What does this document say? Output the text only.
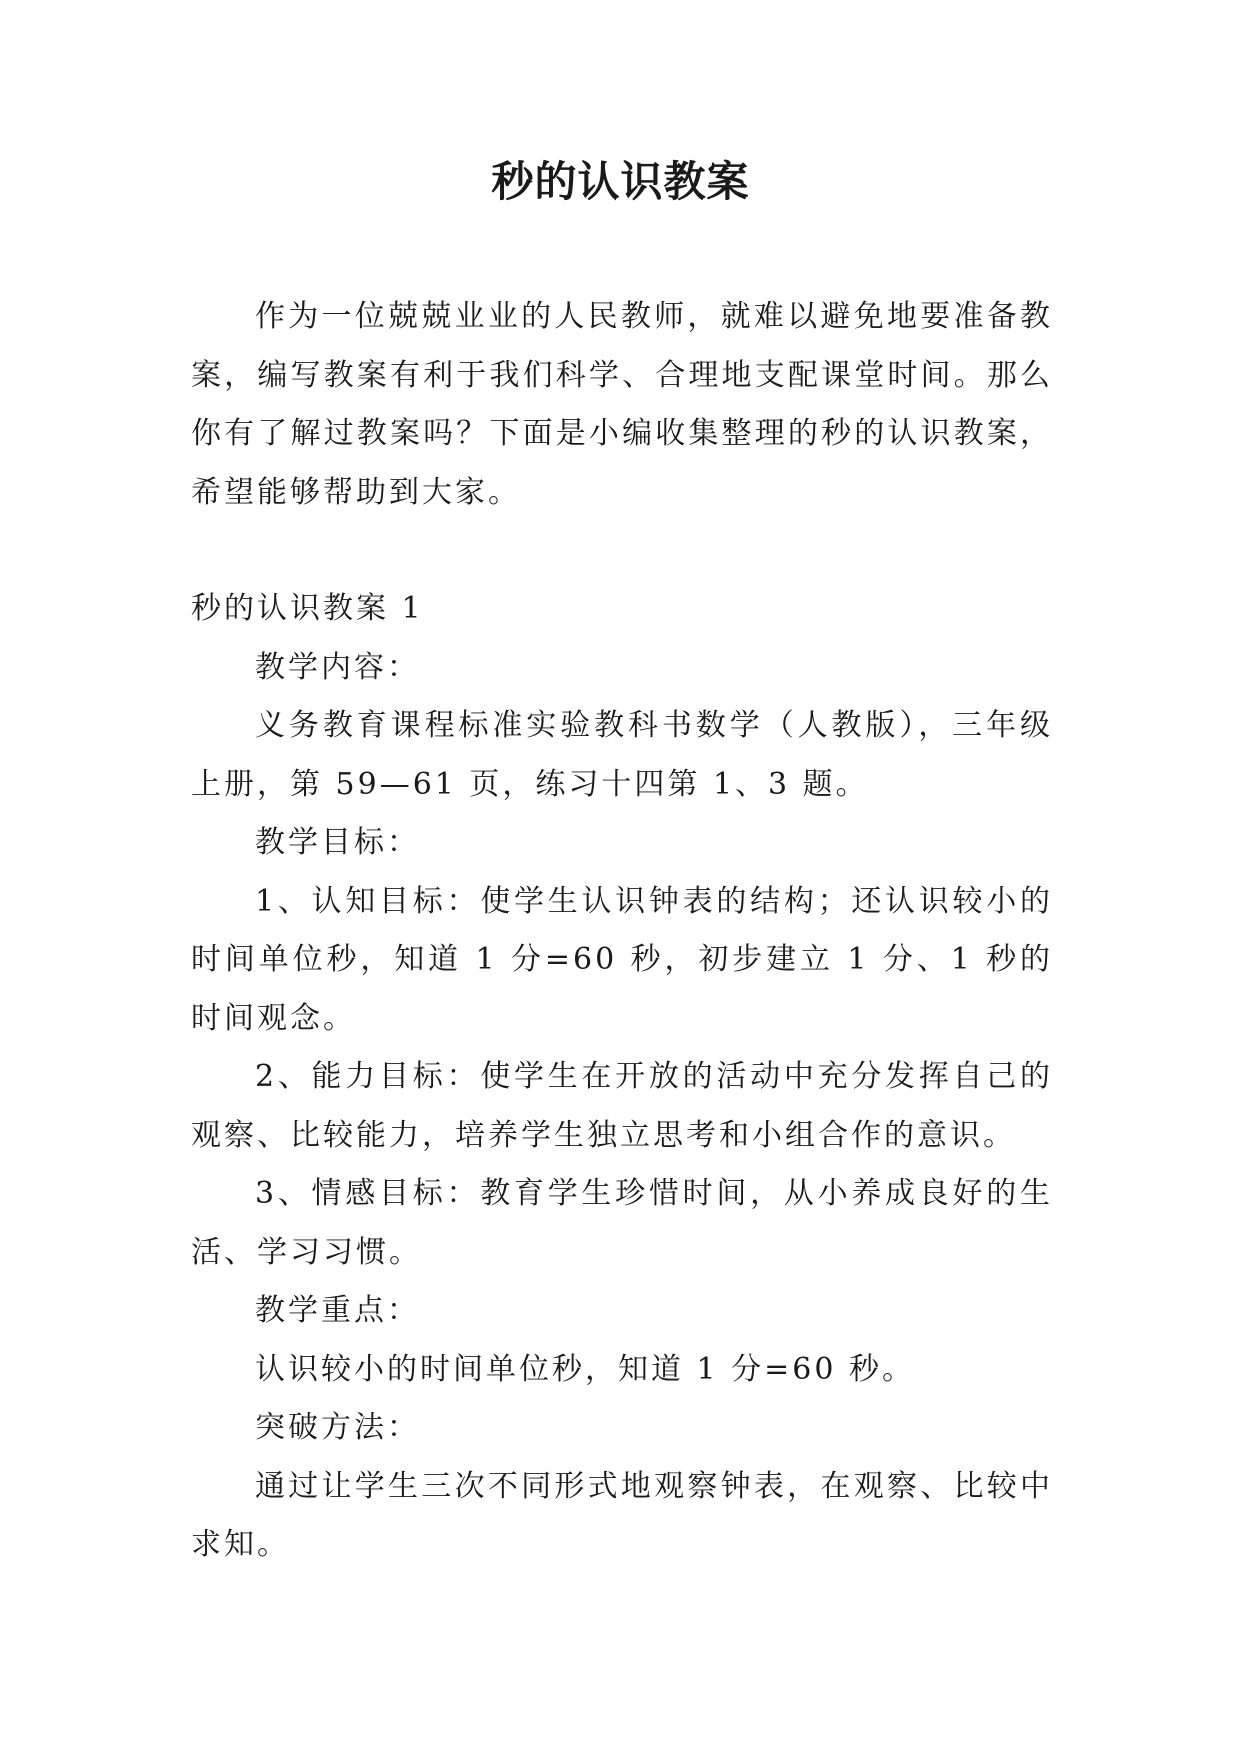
秒的认识教案

作为一位兢兢业业的人民教师，就难以避免地要准备教案，编写教案有利于我们科学、合理地支配课堂时间。那么你有了解过教案吗？下面是小编收集整理的秒的认识教案，希望能够帮助到大家。

秒的认识教案 1

教学内容：

义务教育课程标准实验教科书数学（人教版），三年级上册，第 59—61 页，练习十四第 1、3 题。

教学目标：

1、认知目标：使学生认识钟表的结构；还认识较小的时间单位秒，知道 1 分=60 秒，初步建立 1 分、1 秒的时间观念。

2、能力目标：使学生在开放的活动中充分发挥自己的观察、比较能力，培养学生独立思考和小组合作的意识。

3、情感目标：教育学生珍惜时间，从小养成良好的生活、学习习惯。

教学重点：

认识较小的时间单位秒，知道 1 分=60 秒。

突破方法：

通过让学生三次不同形式地观察钟表，在观察、比较中求知。
